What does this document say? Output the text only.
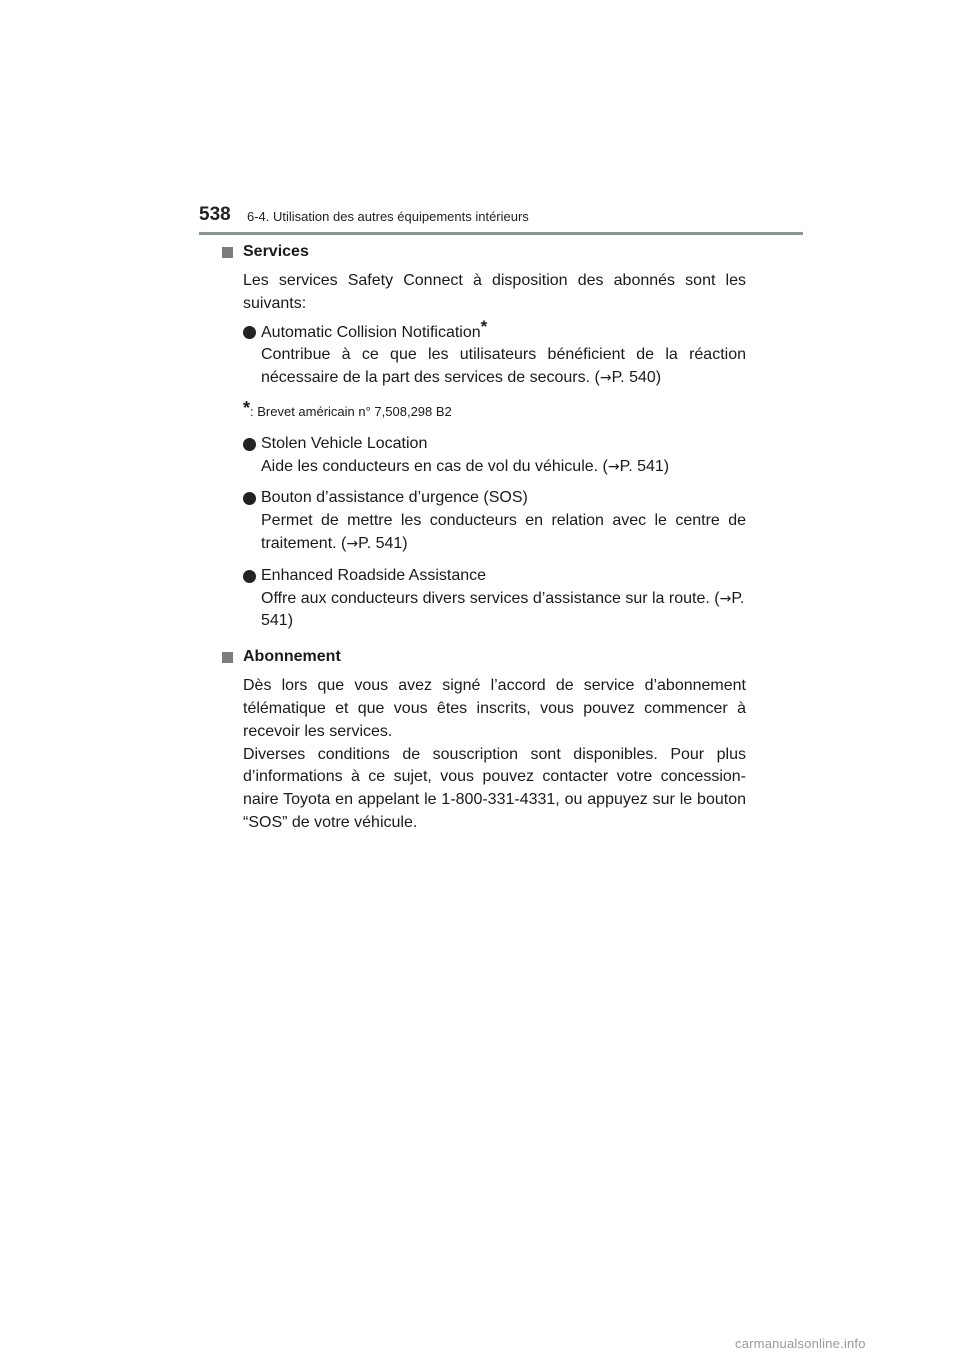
538 6-4. Utilisation des autres équipements intérieurs
Services
Les services Safety Connect à disposition des abonnés sont les suivants:
Automatic Collision Notification*
Contribue à ce que les utilisateurs bénéficient de la réaction nécessaire de la part des services de secours. (→P. 540)
*: Brevet américain n° 7,508,298 B2
Stolen Vehicle Location
Aide les conducteurs en cas de vol du véhicule. (→P. 541)
Bouton d’assistance d’urgence (SOS)
Permet de mettre les conducteurs en relation avec le centre de traitement. (→P. 541)
Enhanced Roadside Assistance
Offre aux conducteurs divers services d’assistance sur la route. (→P. 541)
Abonnement
Dès lors que vous avez signé l’accord de service d’abonnement télématique et que vous êtes inscrits, vous pouvez commencer à recevoir les services.
Diverses conditions de souscription sont disponibles. Pour plus d’informations à ce sujet, vous pouvez contacter votre concession-naire Toyota en appelant le 1-800-331-4331, ou appuyez sur le bouton “SOS” de votre véhicule.
carmanualsonline.info
